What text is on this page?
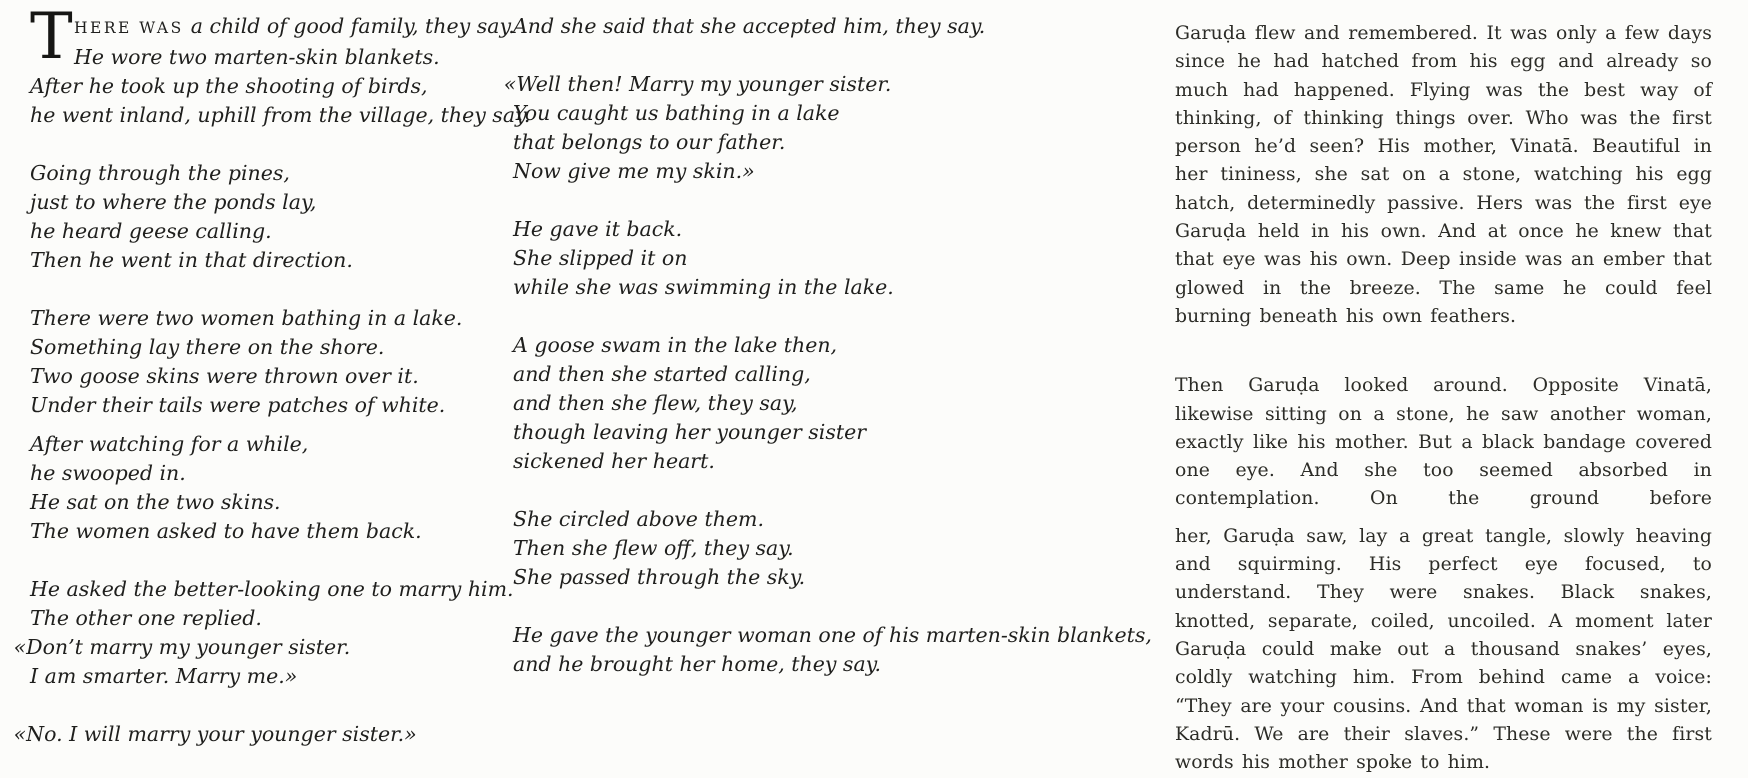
T HERE WAS a child of good family, they say.
He wore two marten-skin blankets.
After he took up the shooting of birds,
he went inland, uphill from the village, they say.
Going through the pines,
just to where the ponds lay,
he heard geese calling.
Then he went in that direction.
There were two women bathing in a lake.
Something lay there on the shore.
Two goose skins were thrown over it.
Under their tails were patches of white.
After watching for a while,
he swooped in.
He sat on the two skins.
The women asked to have them back.
He asked the better-looking one to marry him.
The other one replied.
«Don’t marry my younger sister.
I am smarter. Marry me.»
«No. I will marry your younger sister.»
And she said that she accepted him, they say.
«Well then! Marry my younger sister.
You caught us bathing in a lake
that belongs to our father.
Now give me my skin.»
He gave it back.
She slipped it on
while she was swimming in the lake.
A goose swam in the lake then,
and then she started calling,
and then she flew, they say,
though leaving her younger sister
sickened her heart.
She circled above them.
Then she flew off, they say.
She passed through the sky.
He gave the younger woman one of his marten-skin blankets,
and he brought her home, they say.

Garuḍa flew and remembered. It was only a few days since he had hatched from his egg and already so much had happened. Flying was the best way of thinking, of thinking things over. Who was the first person he’d seen? His mother, Vinatā. Beautiful in her tininess, she sat on a stone, watching his egg hatch, determinedly passive. Hers was the first eye Garuḍa held in his own. And at once he knew that that eye was his own. Deep inside was an ember that glowed in the breeze. The same he could feel burning beneath his own feathers.

Then Garuḍa looked around. Opposite Vinatā, likewise sitting on a stone, he saw another woman, exactly like his mother. But a black bandage covered one eye. And she too seemed absorbed in contemplation. On the ground before

her, Garuḍa saw, lay a great tangle, slowly heaving and squirming. His perfect eye focused, to understand. They were snakes. Black snakes, knotted, separate, coiled, uncoiled. A moment later Garuḍa could make out a thousand snakes’ eyes, coldly watching him. From behind came a voice: “They are your cousins. And that woman is my sister, Kadrū. We are their slaves.” These were the first words his mother spoke to him.
